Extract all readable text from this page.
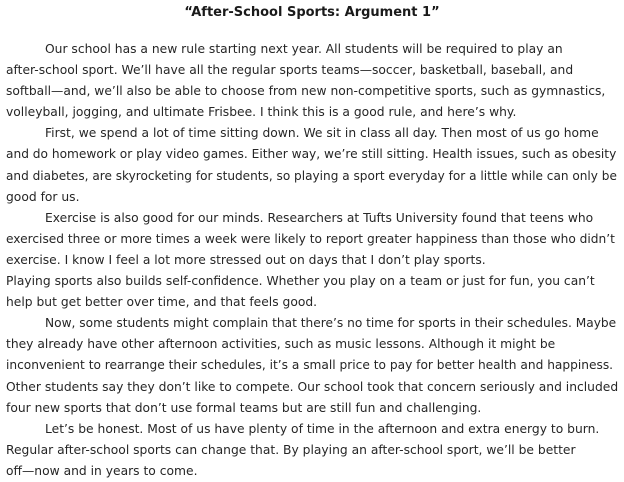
“After-School Sports: Argument 1”
Our school has a new rule starting next year. All students will be required to play an
after-school sport. We’ll have all the regular sports teams—soccer, basketball, baseball, and
softball—and, we’ll also be able to choose from new non-competitive sports, such as gymnastics,
volleyball, jogging, and ultimate Frisbee. I think this is a good rule, and here’s why.
First, we spend a lot of time sitting down. We sit in class all day. Then most of us go home
and do homework or play video games. Either way, we’re still sitting. Health issues, such as obesity
and diabetes, are skyrocketing for students, so playing a sport everyday for a little while can only be
good for us.
Exercise is also good for our minds. Researchers at Tufts University found that teens who
exercised three or more times a week were likely to report greater happiness than those who didn’t
exercise. I know I feel a lot more stressed out on days that I don’t play sports.
Playing sports also builds self-confidence. Whether you play on a team or just for fun, you can’t
help but get better over time, and that feels good.
Now, some students might complain that there’s no time for sports in their schedules. Maybe
they already have other afternoon activities, such as music lessons. Although it might be
inconvenient to rearrange their schedules, it’s a small price to pay for better health and happiness.
Other students say they don’t like to compete. Our school took that concern seriously and included
four new sports that don’t use formal teams but are still fun and challenging.
Let’s be honest. Most of us have plenty of time in the afternoon and extra energy to burn.
Regular after-school sports can change that. By playing an after-school sport, we’ll be better
off—now and in years to come.
